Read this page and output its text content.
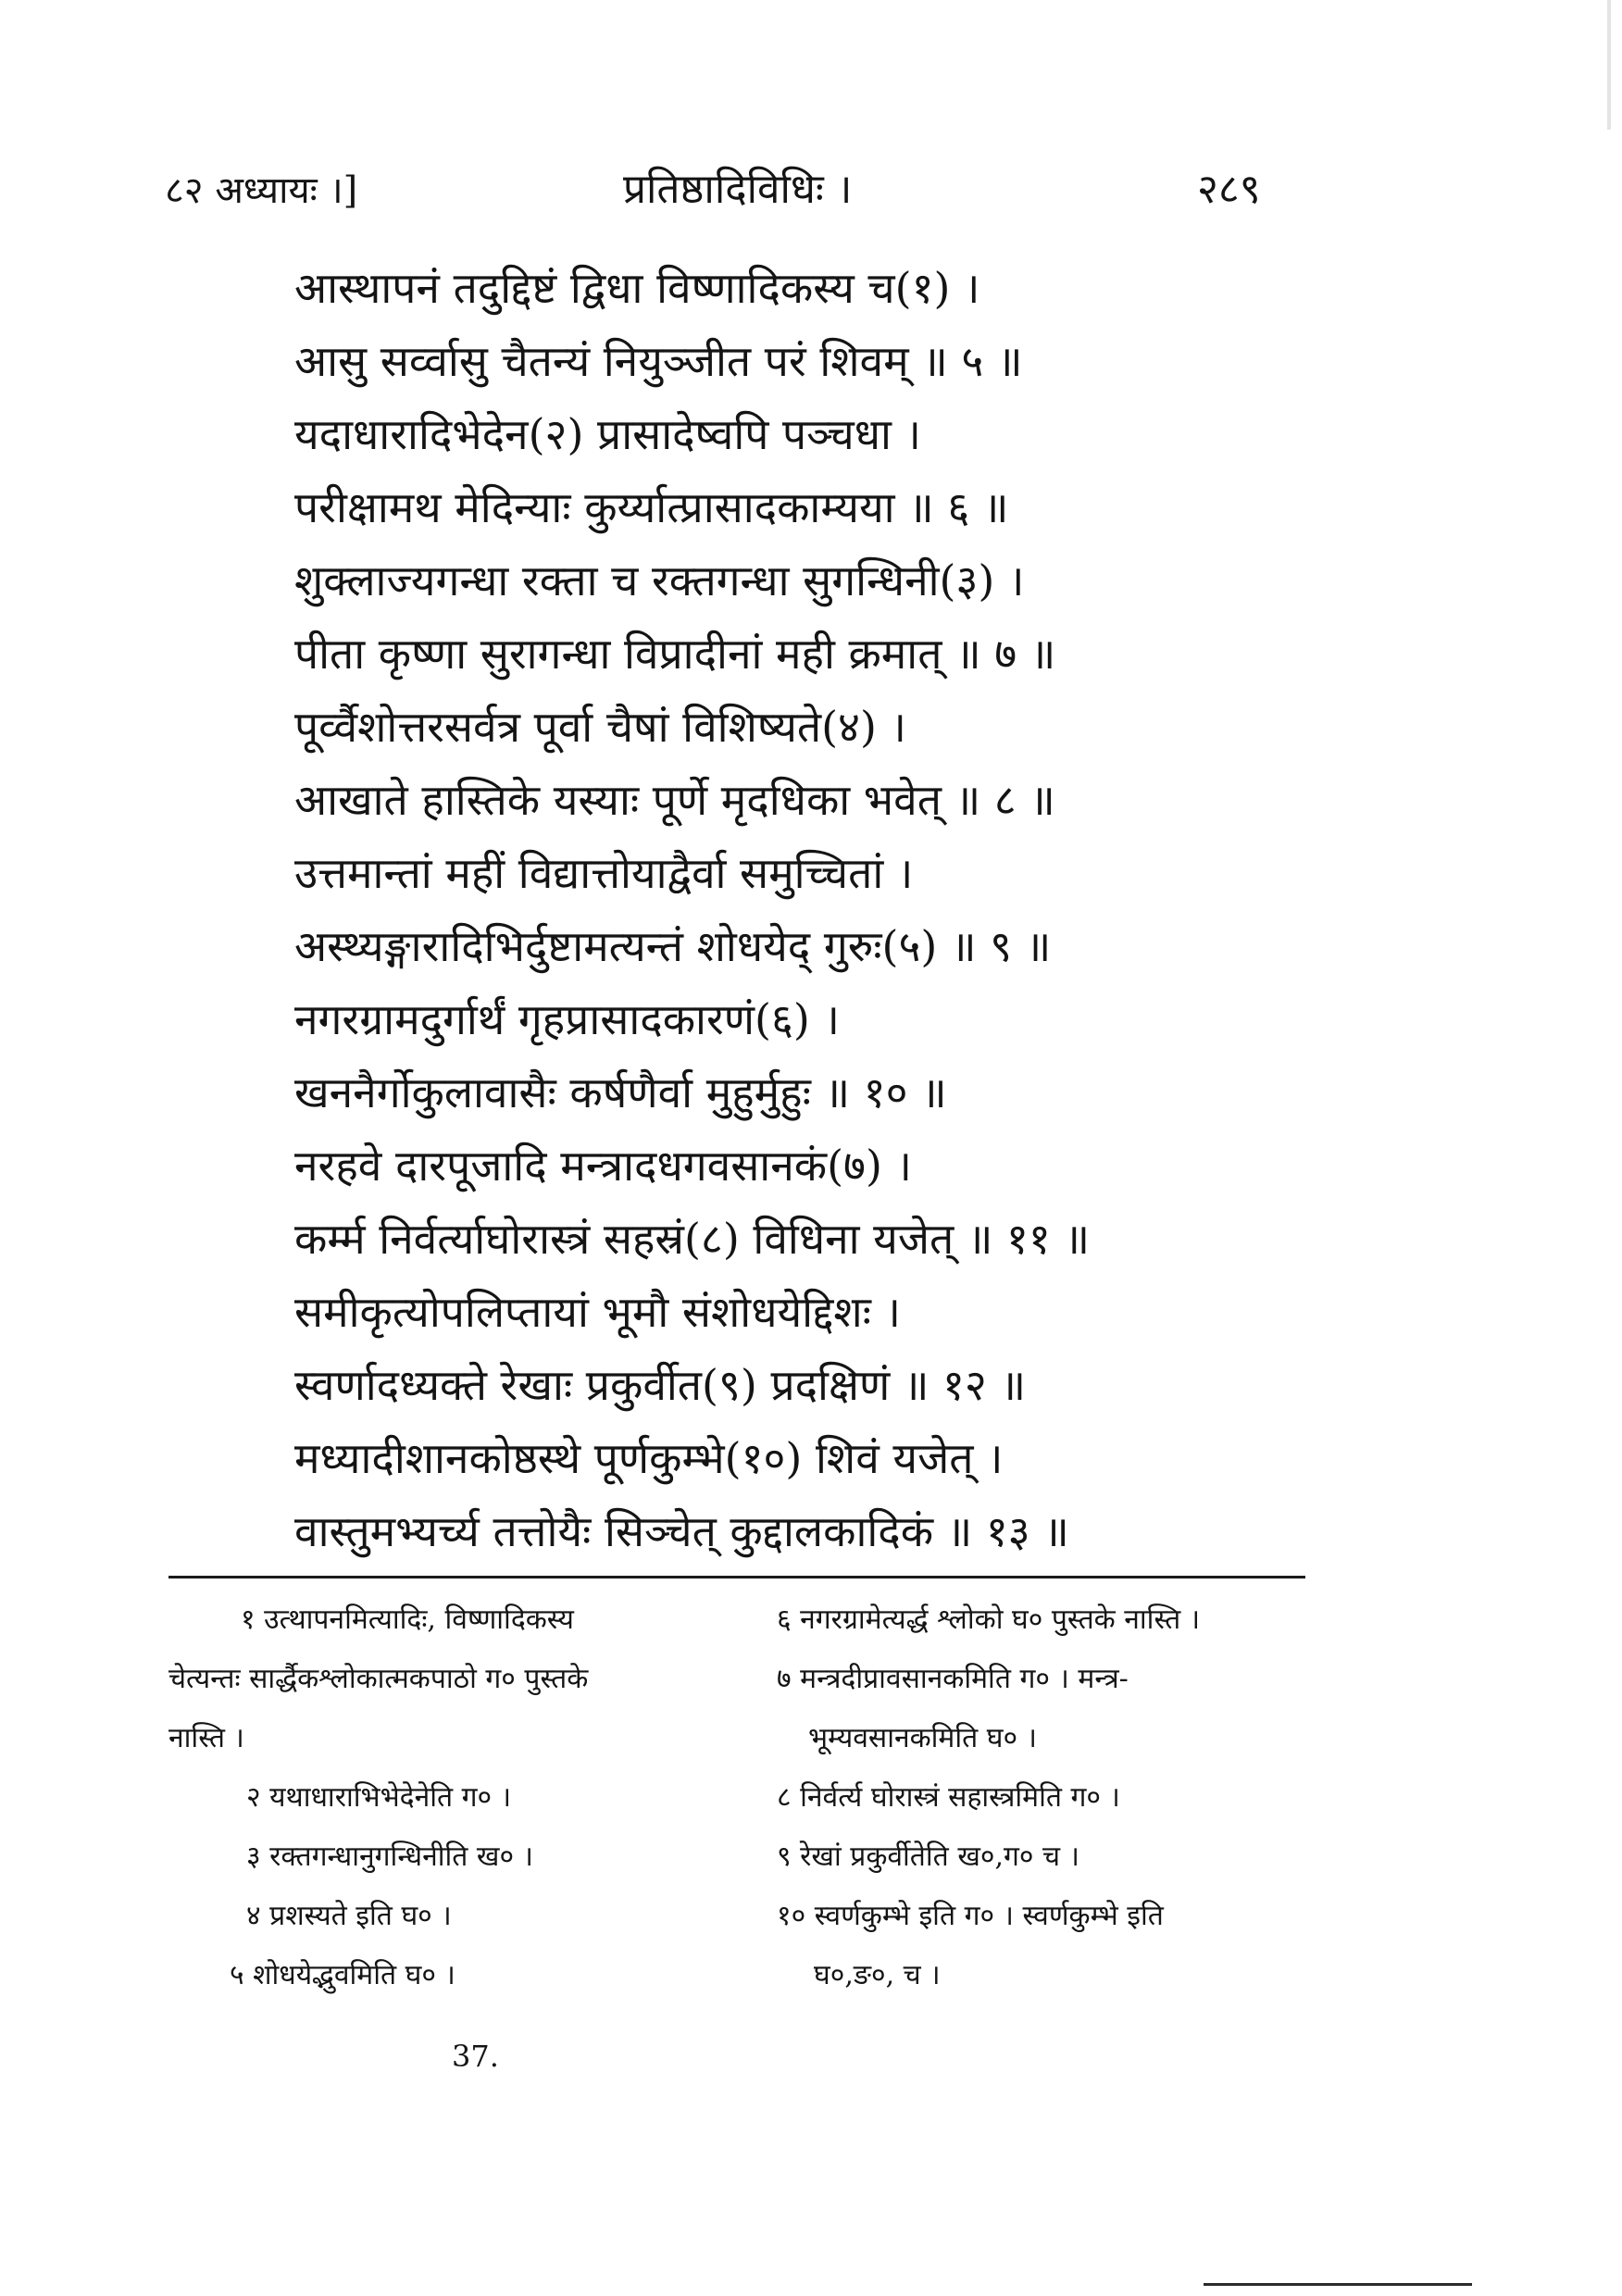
८२ अध्यायः ।]	प्रतिष्ठादिविधिः ।	२८९
आस्थापनं तदुद्दिष्टं द्विधा विष्णादिकस्य च(१) ।
आसु सर्व्वासु चैतन्यं नियुञ्जीत परं शिवम् ॥ ५ ॥
यदाधारादिभेदेन(२) प्रासादेष्वपि पञ्चधा ।
परीक्षामथ मेदिन्याः कुर्य्यात्प्रासादकाम्यया ॥ ६ ॥
शुक्लाज्यगन्धा रक्ता च रक्तगन्धा सुगन्धिनी(३) ।
पीता कृष्णा सुरागन्धा विप्रादीनां मही क्रमात् ॥ ७ ॥
पूर्व्वैशोत्तरसर्वत्र पूर्वा चैषां विशिष्यते(४) ।
आखाते हास्तिके यस्याः पूर्णे मृदधिका भवेत् ॥ ८ ॥
उत्तमान्तां महीं विद्यात्तोयाद्वैर्वा समुच्चितां ।
अस्थ्यङ्गारादिभिर्दुष्टामत्यन्तं शोधयेद् गुरुः(५) ॥ ९ ॥
नगरग्रामदुर्गार्थं गृहप्रासादकारणं(६) ।
खननैर्गोकुलावासैः कर्षणैर्वा मुहुर्मुहुः ॥ १० ॥
नरहवे दारपूजादि मन्त्रादधगवसानकं(७) ।
कर्म्म निर्वर्त्याघोरास्त्रं सहस्रं(८) विधिना यजेत् ॥ ११ ॥
समीकृत्योपलिप्तायां भूमौ संशोधयेद्दिशः ।
स्वर्णादध्यक्ते रेखाः प्रकुर्वीत(९) प्रदक्षिणं ॥ १२ ॥
मध्यादीशानकोष्ठस्थे पूर्णकुम्भे(१०) शिवं यजेत् ।
वास्तुमभ्यर्च्य तत्तोयैः सिञ्चेत् कुद्दालकादिकं ॥ १३ ॥
१ उत्थापनमित्यादिः, विष्णादिकस्य
चेत्यन्तः सार्द्धैकश्लोकात्मकपाठो ग० पुस्तके
नास्ति ।
२ यथाधाराभिभेदेनेति ग० ।
३ रक्तगन्धानुगन्धिनीति ख० ।
४ प्रशस्यते इति घ० ।
५ शोधयेद्भुवमिति घ० ।
६ नगरग्रामेत्यर्द्ध श्लोको घ० पुस्तके नास्ति ।
७ मन्त्रदीप्रावसानकमिति ग० । मन्त्र-
भूम्यवसानकमिति घ० ।
८ निर्वर्त्य घोरास्त्रं सहास्त्रमिति ग० ।
९ रेखां प्रकुर्वीतेति ख०,ग० च ।
१० स्वर्णकुम्भे इति ग० । स्वर्णकुम्भे इति
घ०,ङ०, च ।
37.
